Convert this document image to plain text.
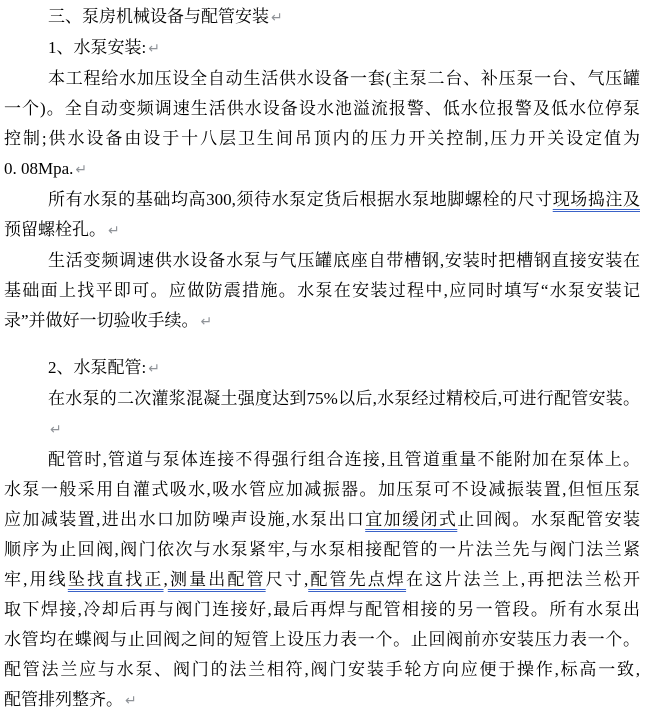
三、泵房机械设备与配管安装 ↵
1、水泵安装: ↵
本工程给水加压设全自动生活供水设备一套(主泵二台、补压泵一台、气压罐
一个)。全自动变频调速生活供水设备设水池溢流报警、低水位报警及低水位停泵
控制;供水设备由设于十八层卫生间吊顶内的压力开关控制,压力开关设定值为
0. 08Mpa. ↵
所有水泵的基础均高300,须待水泵定货后根据水泵地脚螺栓的尺寸现场捣注及
预留螺栓孔。 ↵
生活变频调速供水设备水泵与气压罐底座自带槽钢,安装时把槽钢直接安装在
基础面上找平即可。应做防震措施。水泵在安装过程中,应同时填写“水泵安装记
录”并做好一切验收手续。 ↵
2、水泵配管: ↵
在水泵的二次灌浆混凝土强度达到75%以后,水泵经过精校后,可进行配管安装。↵
配管时,管道与泵体连接不得强行组合连接,且管道重量不能附加在泵体上。
水泵一般采用自灌式吸水,吸水管应加减振器。加压泵可不设减振装置,但恒压泵
应加减装置,进出水口加防噪声设施,水泵出口宜加缓闭式止回阀。水泵配管安装
顺序为止回阀,阀门依次与水泵紧牢,与水泵相接配管的一片法兰先与阀门法兰紧
牢,用线坠找直找正,测量出配管尺寸,配管先点焊在这片法兰上,再把法兰松开
取下焊接,冷却后再与阀门连接好,最后再焊与配管相接的另一管段。所有水泵出
水管均在蝶阀与止回阀之间的短管上设压力表一个。止回阀前亦安装压力表一个。
配管法兰应与水泵、阀门的法兰相符,阀门安装手轮方向应便于操作,标高一致,
配管排列整齐。 ↵
